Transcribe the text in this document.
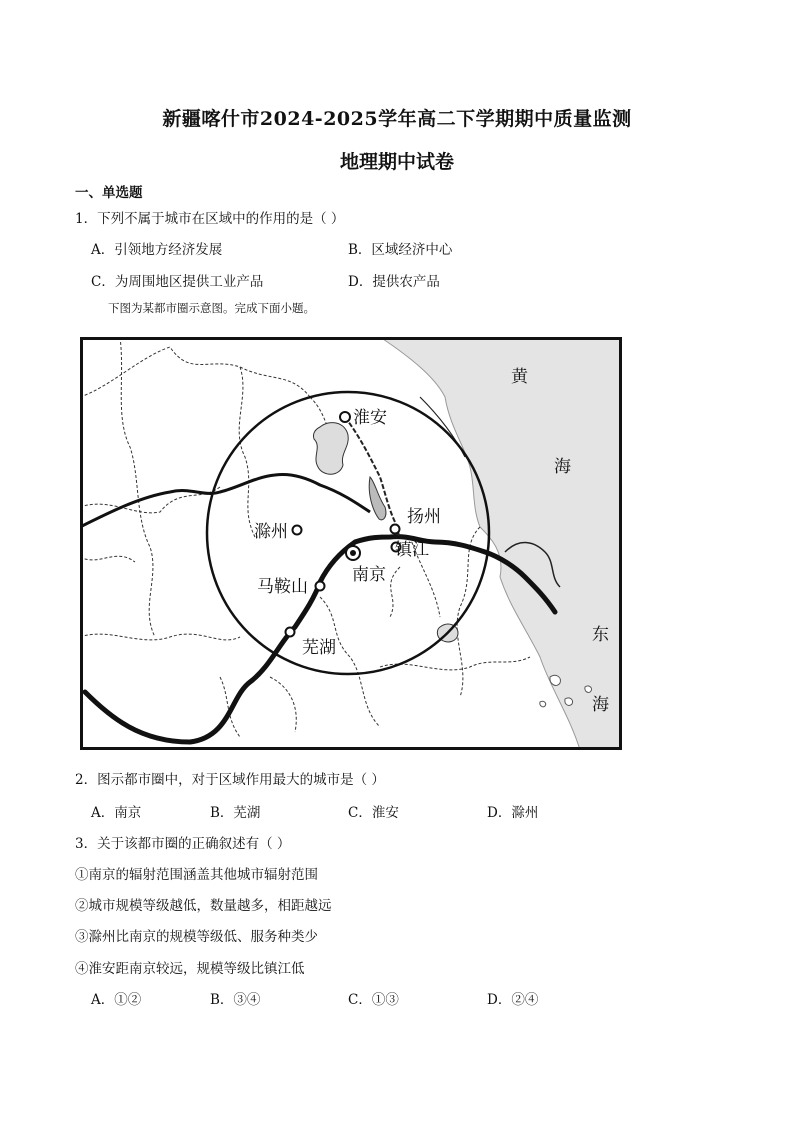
新疆喀什市2024-2025学年高二下学期期中质量监测
地理期中试卷
一、单选题
1．下列不属于城市在区域中的作用的是（ ）
A．引领地方经济发展	B．区域经济中心
C．为周围地区提供工业产品	D．提供农产品
下图为某都市圈示意图。完成下面小题。
淮安
扬州
滁州
镇江
南京
马鞍山
芜湖
黄
海
东
海
2．图示都市圈中，对于区域作用最大的城市是（ ）
A．南京	B．芜湖	C．淮安	D．滁州
3．关于该都市圈的正确叙述有（ ）
①南京的辐射范围涵盖其他城市辐射范围
②城市规模等级越低，数量越多，相距越远
③滁州比南京的规模等级低、服务种类少
④淮安距南京较远，规模等级比镇江低
A．①②	B．③④	C．①③	D．②④
